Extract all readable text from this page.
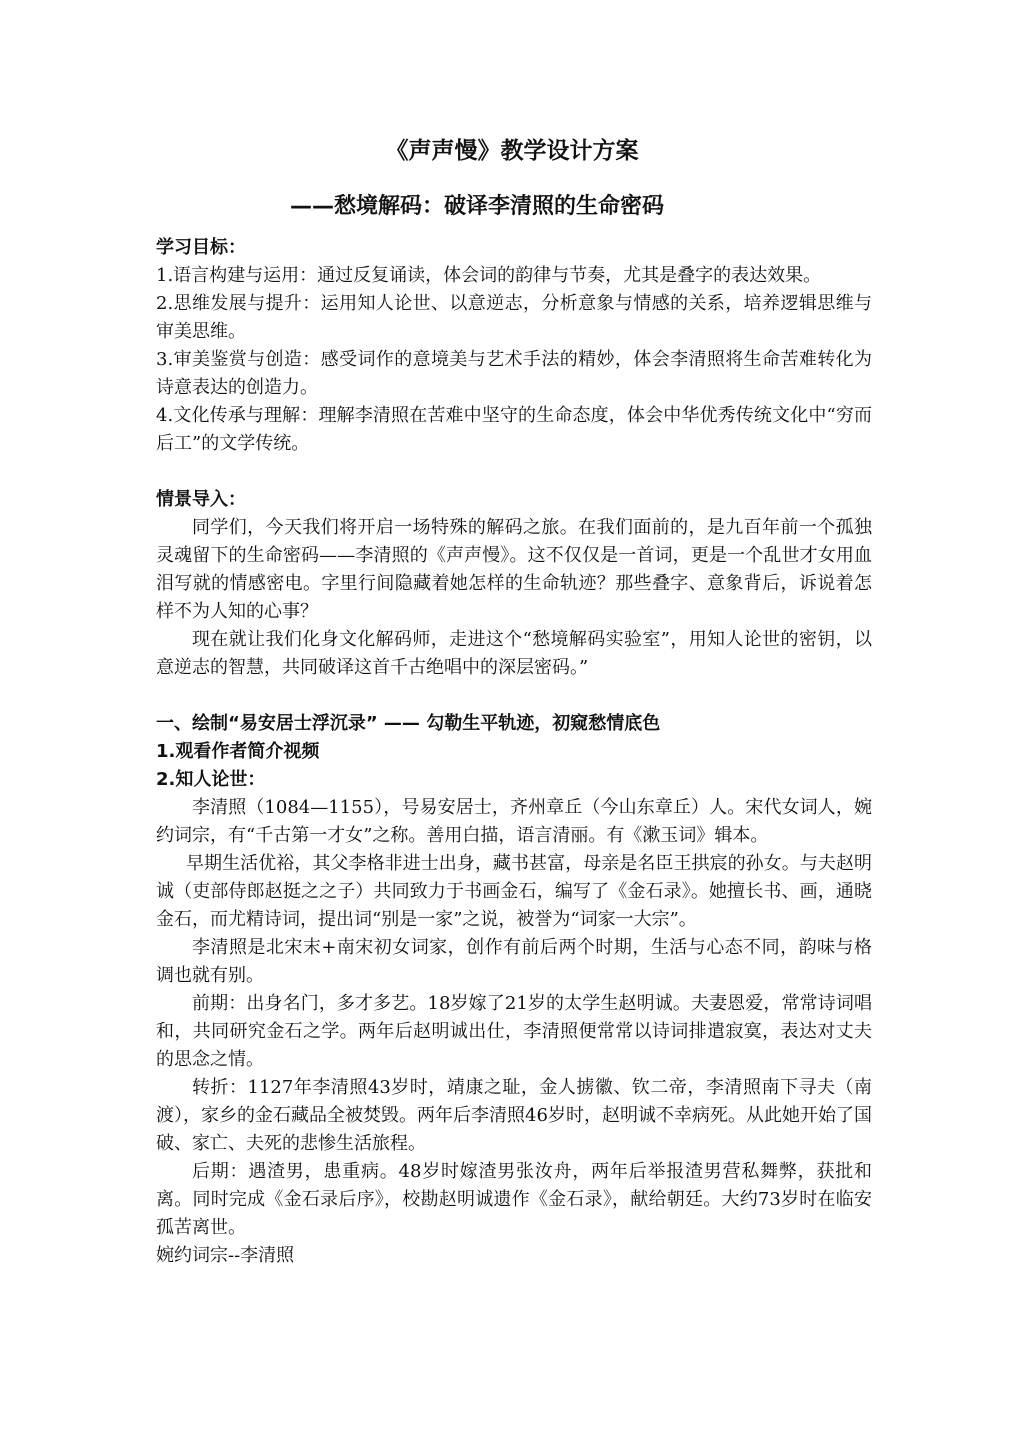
《声声慢》教学设计方案
——愁境解码：破译李清照的生命密码

学习目标：

1.语言构建与运用：通过反复诵读，体会词的韵律与节奏，尤其是叠字的表达效果。

2.思维发展与提升：运用知人论世、以意逆志，分析意象与情感的关系，培养逻辑思维与审美思维。

3.审美鉴赏与创造：感受词作的意境美与艺术手法的精妙，体会李清照将生命苦难转化为诗意表达的创造力。

4.文化传承与理解：理解李清照在苦难中坚守的生命态度，体会中华优秀传统文化中“穷而后工”的文学传统。

情景导入：

同学们，今天我们将开启一场特殊的解码之旅。在我们面前的，是九百年前一个孤独灵魂留下的生命密码——李清照的《声声慢》。这不仅仅是一首词，更是一个乱世才女用血泪写就的情感密电。字里行间隐藏着她怎样的生命轨迹？那些叠字、意象背后，诉说着怎样不为人知的心事？

现在就让我们化身文化解码师，走进这个“愁境解码实验室”，用知人论世的密钥，以意逆志的智慧，共同破译这首千古绝唱中的深层密码。”

一、绘制“易安居士浮沉录” —— 勾勒生平轨迹，初窥愁情底色

1.观看作者简介视频

2.知人论世：

李清照（1084—1155），号易安居士，齐州章丘（今山东章丘）人。宋代女词人，婉约词宗，有“千古第一才女”之称。善用白描，语言清丽。有《漱玉词》辑本。

早期生活优裕，其父李格非进士出身，藏书甚富，母亲是名臣王拱宸的孙女。与夫赵明诚（吏部侍郎赵挺之之子）共同致力于书画金石，编写了《金石录》。她擅长书、画，通晓金石，而尤精诗词，提出词“别是一家”之说，被誉为“词家一大宗”。

李清照是北宋末+南宋初女词家，创作有前后两个时期，生活与心态不同，韵味与格调也就有别。

前期：出身名门，多才多艺。18岁嫁了21岁的太学生赵明诚。夫妻恩爱，常常诗词唱和，共同研究金石之学。两年后赵明诚出仕，李清照便常常以诗词排遣寂寞，表达对丈夫的思念之情。

转折：1127年李清照43岁时，靖康之耻，金人掳徽、钦二帝，李清照南下寻夫（南渡），家乡的金石藏品全被焚毁。两年后李清照46岁时，赵明诚不幸病死。从此她开始了国破、家亡、夫死的悲惨生活旅程。

后期：遇渣男，患重病。48岁时嫁渣男张汝舟，两年后举报渣男营私舞弊，获批和离。同时完成《金石录后序》，校勘赵明诚遗作《金石录》，献给朝廷。大约73岁时在临安孤苦离世。

婉约词宗--李清照
